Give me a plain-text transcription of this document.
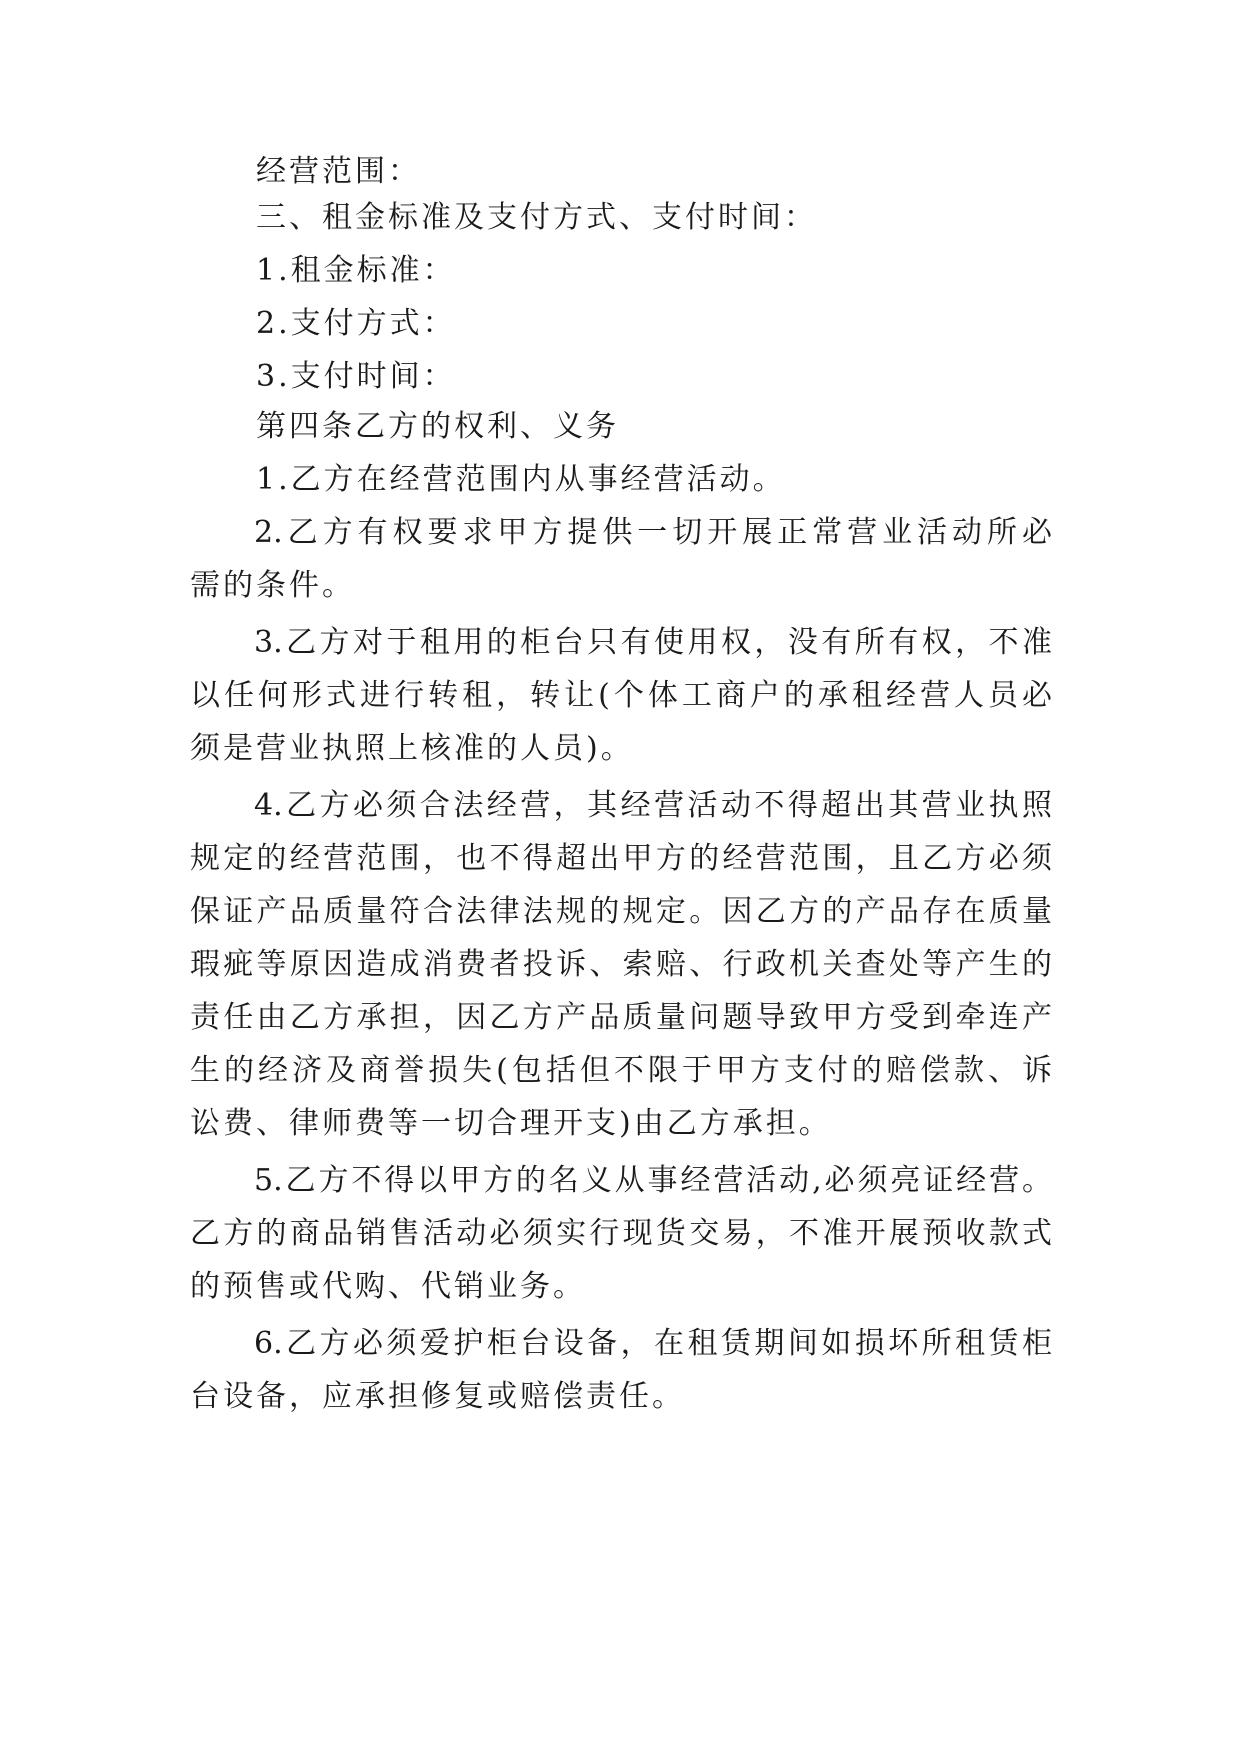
经营范围：

三、租金标准及支付方式、支付时间：

1.租金标准：

2.支付方式：

3.支付时间：

第四条乙方的权利、义务

1.乙方在经营范围内从事经营活动。

2.乙方有权要求甲方提供一切开展正常营业活动所必

需的条件。

3.乙方对于租用的柜台只有使用权，没有所有权，不准

以任何形式进行转租，转让(个体工商户的承租经营人员必

须是营业执照上核准的人员)。

4.乙方必须合法经营，其经营活动不得超出其营业执照

规定的经营范围，也不得超出甲方的经营范围，且乙方必须

保证产品质量符合法律法规的规定。因乙方的产品存在质量

瑕疵等原因造成消费者投诉、索赔、行政机关查处等产生的

责任由乙方承担，因乙方产品质量问题导致甲方受到牵连产

生的经济及商誉损失(包括但不限于甲方支付的赔偿款、诉

讼费、律师费等一切合理开支)由乙方承担。

5.乙方不得以甲方的名义从事经营活动,必须亮证经营。

乙方的商品销售活动必须实行现货交易，不准开展预收款式

的预售或代购、代销业务。

6.乙方必须爱护柜台设备，在租赁期间如损坏所租赁柜

台设备，应承担修复或赔偿责任。
